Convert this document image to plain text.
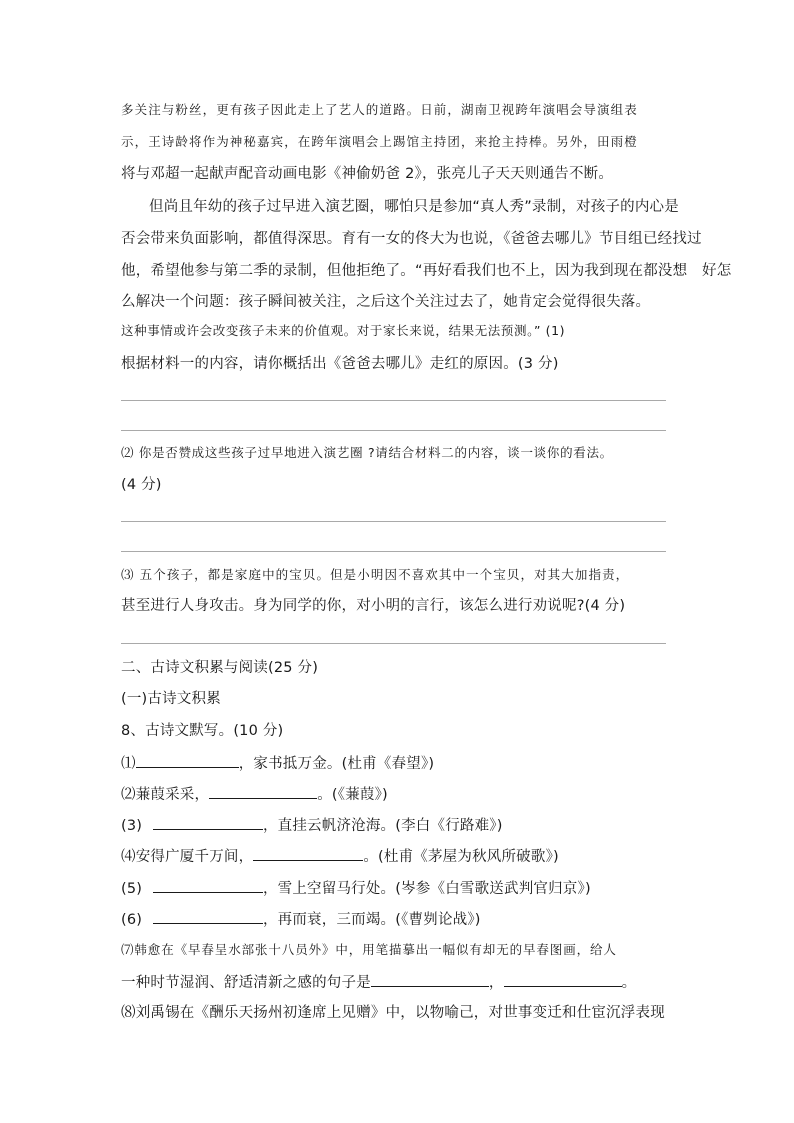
多关注与粉丝，更有孩子因此走上了艺人的道路。日前，湖南卫视跨年演唱会导演组表
示，王诗龄将作为神秘嘉宾，在跨年演唱会上踢馆主持团，来抢主持棒。另外，田雨橙
将与邓超一起献声配音动画电影《神偷奶爸 2》，张亮儿子天天则通告不断。
但尚且年幼的孩子过早进入演艺圈，哪怕只是参加“真人秀”录制，对孩子的内心是
否会带来负面影响，都值得深思。育有一女的佟大为也说，《爸爸去哪儿》节目组已经找过
他，希望他参与第二季的录制，但他拒绝了。“再好看我们也不上，因为我到现在都没想　好怎
么解决一个问题：孩子瞬间被关注，之后这个关注过去了，她肯定会觉得很失落。
这种事情或许会改变孩子未来的价值观。对于家长来说，结果无法预测。” (1)
根据材料一的内容，请你概括出《爸爸去哪儿》走红的原因。(3 分)
⑵ 你是否赞成这些孩子过早地进入演艺圈 ?请结合材料二的内容，谈一谈你的看法。
(4 分)
⑶ 五个孩子，都是家庭中的宝贝。但是小明因不喜欢其中一个宝贝，对其大加指责，
甚至进行人身攻击。身为同学的你，对小明的言行，该怎么进行劝说呢?(4 分)
二、古诗文积累与阅读(25 分)
(一)古诗文积累
8、古诗文默写。(10 分)
⑴	，家书抵万金。(杜甫《春望》)
⑵蒹葭采采，	。(《蒹葭》)
(3)	，直挂云帆济沧海。(李白《行路难》)
⑷安得广厦千万间，	。(杜甫《茅屋为秋风所破歌》)
(5)	，雪上空留马行处。(岑参《白雪歌送武判官归京》)
(6)	，再而衰，三而竭。(《曹刿论战》)
⑺韩愈在《早春呈水部张十八员外》中，用笔描摹出一幅似有却无的早春图画，给人
一种时节湿润、舒适清新之感的句子是	，	。
⑻刘禹锡在《酬乐天扬州初逢席上见赠》中，以物喻己，对世事变迁和仕宦沉浮表现
